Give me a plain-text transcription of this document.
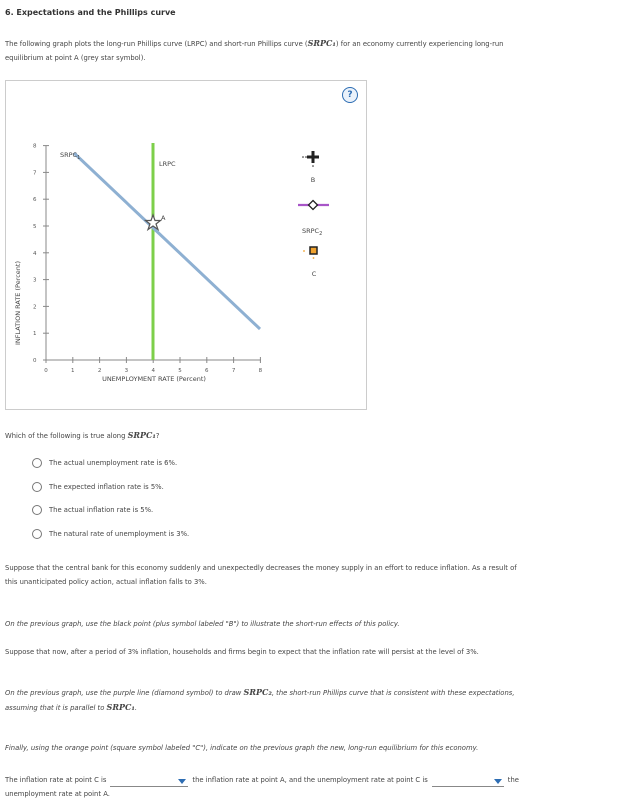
6. Expectations and the Phillips curve
The following graph plots the long-run Phillips curve (LRPC) and short-run Phillips curve (SRPC₁) for an economy currently experiencing long-run
equilibrium at point A (grey star symbol).
?
INFLATION RATE (Percent)
0
1
2
3
4
5
6
7
8
0	1	2	3	4	5	6	7	8
LRPC
$SRPC_1$
A
B
$SRPC_2$
C
UNEMPLOYMENT RATE (Percent)
Which of the following is true along SRPC₁?
The actual unemployment rate is 6%.
The expected inflation rate is 5%.
The actual inflation rate is 5%.
The natural rate of unemployment is 3%.
Suppose that the central bank for this economy suddenly and unexpectedly decreases the money supply in an effort to reduce inflation. As a result of
this unanticipated policy action, actual inflation falls to 3%.
On the previous graph, use the black point (plus symbol labeled "B") to illustrate the short-run effects of this policy.
Suppose that now, after a period of 3% inflation, households and firms begin to expect that the inflation rate will persist at the level of 3%.
On the previous graph, use the purple line (diamond symbol) to draw SRPC₂, the short-run Phillips curve that is consistent with these expectations,
assuming that it is parallel to SRPC₁.
Finally, using the orange point (square symbol labeled "C"), indicate on the previous graph the new, long-run equilibrium for this economy.
The inflation rate at point C is	the inflation rate at point A, and the unemployment rate at point C is	the
unemployment rate at point A.
